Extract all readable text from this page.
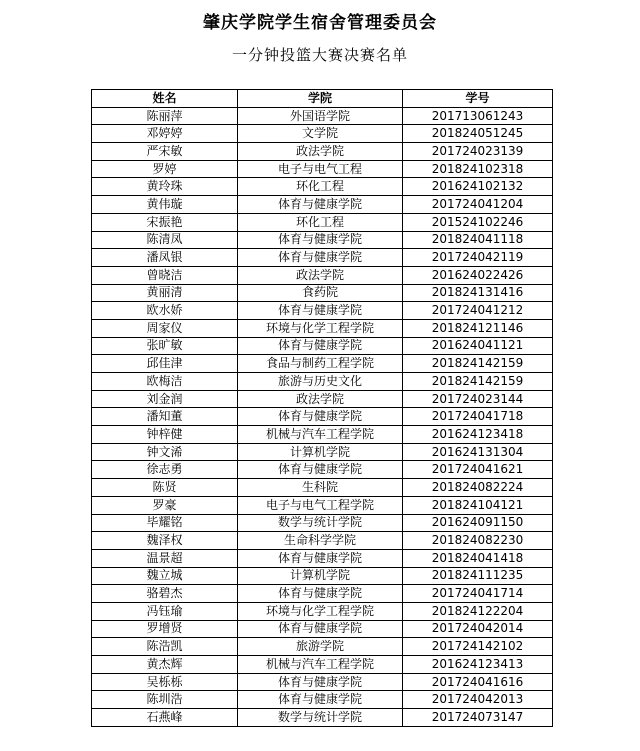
肇庆学院学生宿舍管理委员会
一分钟投篮大赛决赛名单
姓名	学院	学号
陈丽萍	外国语学院	201713061243
邓婷婷	文学院	201824051245
严宋敏	政法学院	201724023139
罗婷	电子与电气工程	201824102318
黄玲珠	环化工程	201624102132
黄伟璇	体育与健康学院	201724041204
宋振艳	环化工程	201524102246
陈清凤	体育与健康学院	201824041118
潘凤银	体育与健康学院	201724042119
曾晓洁	政法学院	201624022426
黄丽清	食药院	201824131416
欧水娇	体育与健康学院	201724041212
周家仪	环境与化学工程学院	201824121146
张旷敏	体育与健康学院	201624041121
邱佳津	食品与制药工程学院	201824142159
欧梅洁	旅游与历史文化	201824142159
刘金润	政法学院	201724023144
潘知董	体育与健康学院	201724041718
钟梓健	机械与汽车工程学院	201624123418
钟文浠	计算机学院	201624131304
徐志勇	体育与健康学院	201724041621
陈贤	生科院	201824082224
罗豪	电子与电气工程学院	201824104121
毕耀铭	数学与统计学院	201624091150
魏泽权	生命科学学院	201824082230
温景超	体育与健康学院	201824041418
魏立城	计算机学院	201824111235
骆碧杰	体育与健康学院	201724041714
冯钰瑜	环境与化学工程学院	201824122204
罗增贤	体育与健康学院	201724042014
陈浩凯	旅游学院	201724142102
黄杰辉	机械与汽车工程学院	201624123413
吴栎栎	体育与健康学院	201724041616
陈圳浩	体育与健康学院	201724042013
石燕峰	数学与统计学院	201724073147
